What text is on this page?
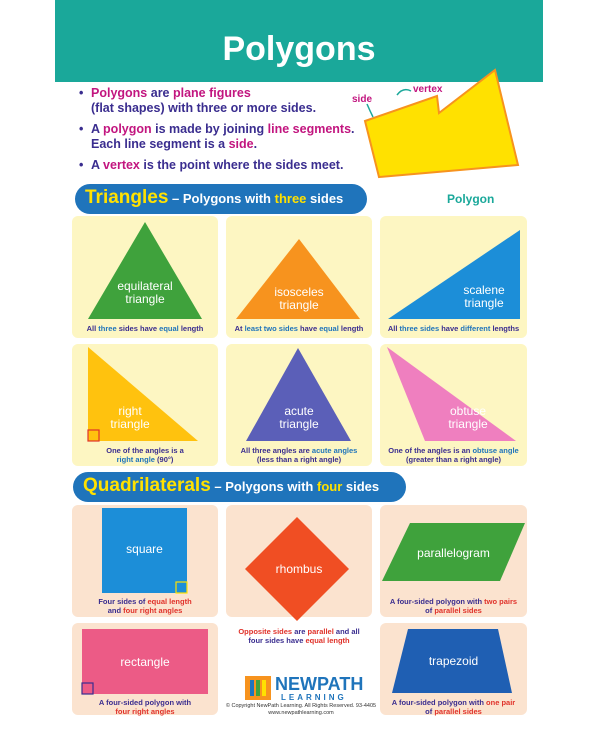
Polygons
• Polygons are plane figures
(flat shapes) with three or more sides.
• A polygon is made by joining line segments. Each line segment is a side.
• A vertex is the point where the sides meet.
side
vertex
Polygon
Triangles – Polygons with three sides
equilateral
triangle
All three sides have equal length
isosceles
triangle
At least two sides have equal length
scalene
triangle
All three sides have different lengths
right
triangle
One of the angles is a
right angle (90°)
acute
triangle
All three angles are acute angles
(less than a right angle)
obtuse
triangle
One of the angles is an obtuse angle
(greater than a right angle)
Quadrilaterals – Polygons with four sides
square
Four sides of equal length
and four right angles
rhombus
Opposite sides are parallel and all
four sides have equal length
parallelogram
A four-sided polygon with two pairs
of parallel sides
rectangle
A four-sided polygon with
four right angles
NEWPATH
LEARNING
© Copyright NewPath Learning. All Rights Reserved. 93-4405
www.newpathlearning.com
trapezoid
A four-sided polygon with one pair
of parallel sides
